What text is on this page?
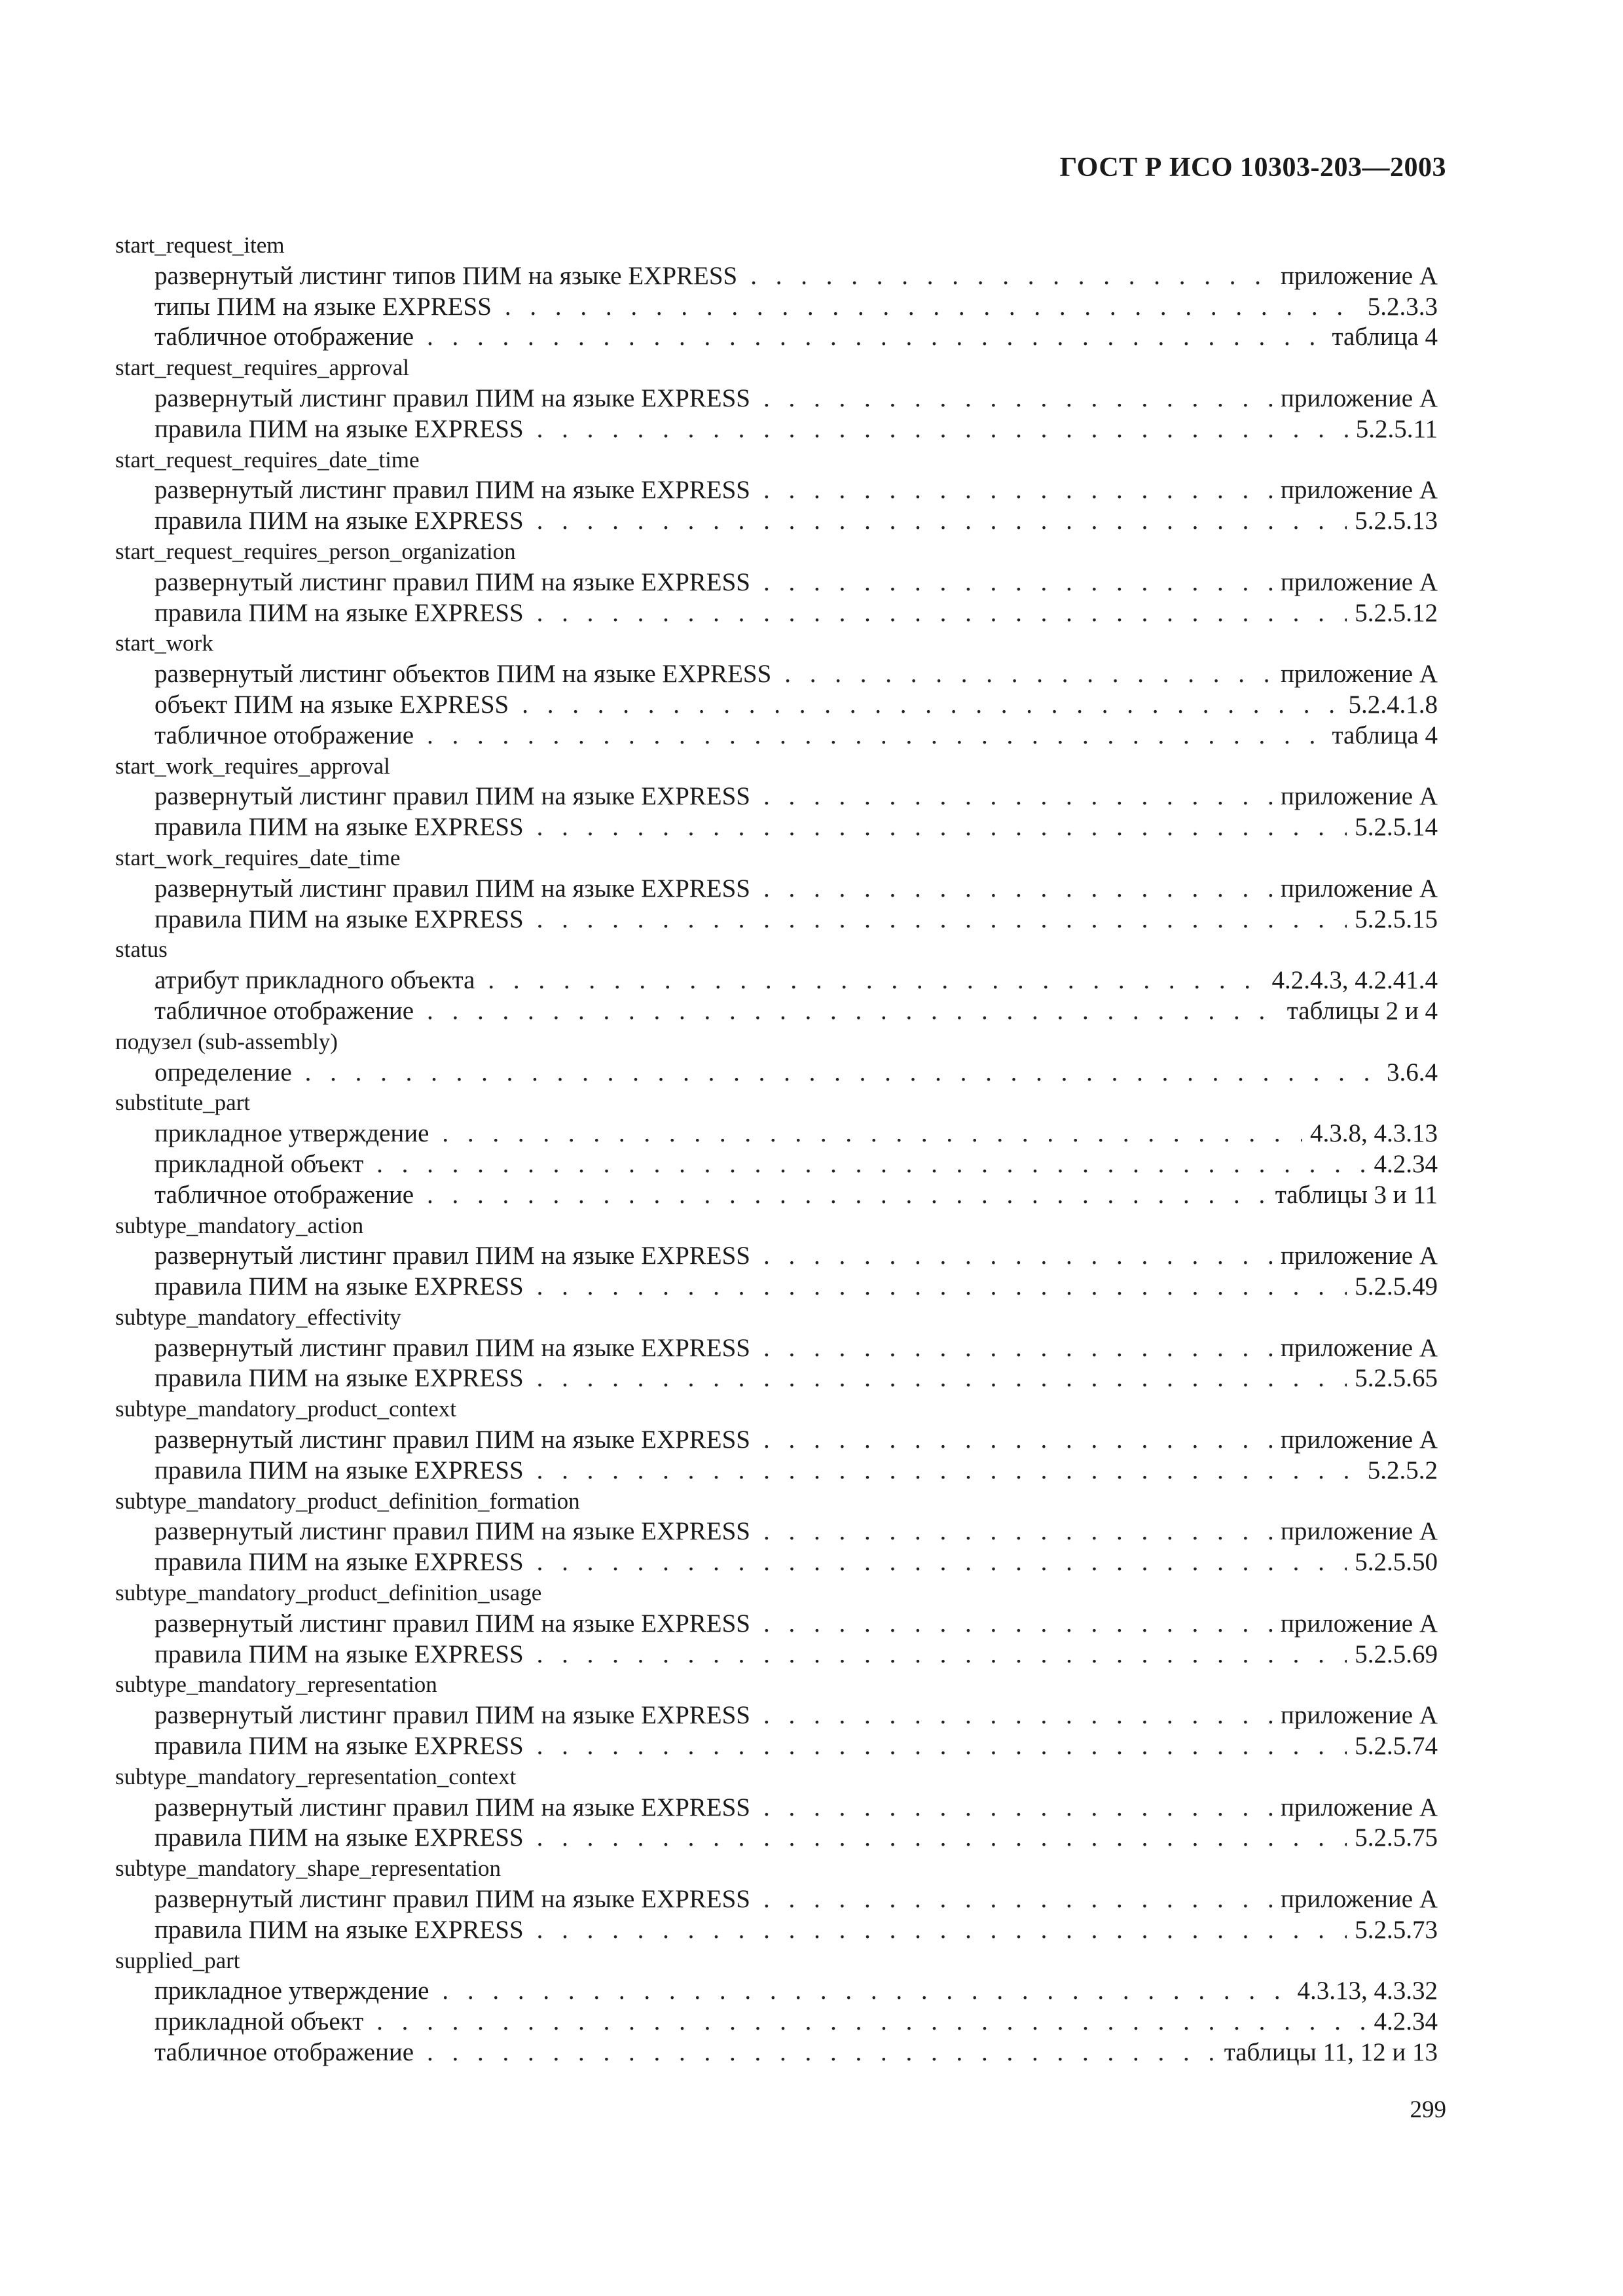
ГОСТ Р ИСО 10303-203—2003
start_request_item
развернутый листинг типов ПИМ на языке EXPRESS . . .	приложение А
типы ПИМ на языке EXPRESS . . .	5.2.3.3
табличное отображение . . .	таблица 4
start_request_requires_approval
развернутый листинг правил ПИМ на языке EXPRESS . . .	приложение А
правила ПИМ на языке EXPRESS . . .	5.2.5.11
start_request_requires_date_time
развернутый листинг правил ПИМ на языке EXPRESS . . .	приложение А
правила ПИМ на языке EXPRESS . . .	5.2.5.13
start_request_requires_person_organization
развернутый листинг правил ПИМ на языке EXPRESS . . .	приложение А
правила ПИМ на языке EXPRESS . . .	5.2.5.12
start_work
развернутый листинг объектов ПИМ на языке EXPRESS . . .	приложение А
объект ПИМ на языке EXPRESS . . .	5.2.4.1.8
табличное отображение . . .	таблица 4
start_work_requires_approval
развернутый листинг правил ПИМ на языке EXPRESS . . .	приложение А
правила ПИМ на языке EXPRESS . . .	5.2.5.14
start_work_requires_date_time
развернутый листинг правил ПИМ на языке EXPRESS . . .	приложение А
правила ПИМ на языке EXPRESS . . .	5.2.5.15
status
атрибут прикладного объекта . . .	4.2.4.3, 4.2.41.4
табличное отображение . . .	таблицы 2 и 4
подузел (sub-assembly)
определение . . .	3.6.4
substitute_part
прикладное утверждение . . .	4.3.8, 4.3.13
прикладной объект . . .	4.2.34
табличное отображение . . .	таблицы 3 и 11
subtype_mandatory_action
развернутый листинг правил ПИМ на языке EXPRESS . . .	приложение А
правила ПИМ на языке EXPRESS . . .	5.2.5.49
subtype_mandatory_effectivity
развернутый листинг правил ПИМ на языке EXPRESS . . .	приложение А
правила ПИМ на языке EXPRESS . . .	5.2.5.65
subtype_mandatory_product_context
развернутый листинг правил ПИМ на языке EXPRESS . . .	приложение А
правила ПИМ на языке EXPRESS . . .	5.2.5.2
subtype_mandatory_product_definition_formation
развернутый листинг правил ПИМ на языке EXPRESS . . .	приложение А
правила ПИМ на языке EXPRESS . . .	5.2.5.50
subtype_mandatory_product_definition_usage
развернутый листинг правил ПИМ на языке EXPRESS . . .	приложение А
правила ПИМ на языке EXPRESS . . .	5.2.5.69
subtype_mandatory_representation
развернутый листинг правил ПИМ на языке EXPRESS . . .	приложение А
правила ПИМ на языке EXPRESS . . .	5.2.5.74
subtype_mandatory_representation_context
развернутый листинг правил ПИМ на языке EXPRESS . . .	приложение А
правила ПИМ на языке EXPRESS . . .	5.2.5.75
subtype_mandatory_shape_representation
развернутый листинг правил ПИМ на языке EXPRESS . . .	приложение А
правила ПИМ на языке EXPRESS . . .	5.2.5.73
supplied_part
прикладное утверждение . . .	4.3.13, 4.3.32
прикладной объект . . .	4.2.34
табличное отображение . . .	таблицы 11, 12 и 13
299
